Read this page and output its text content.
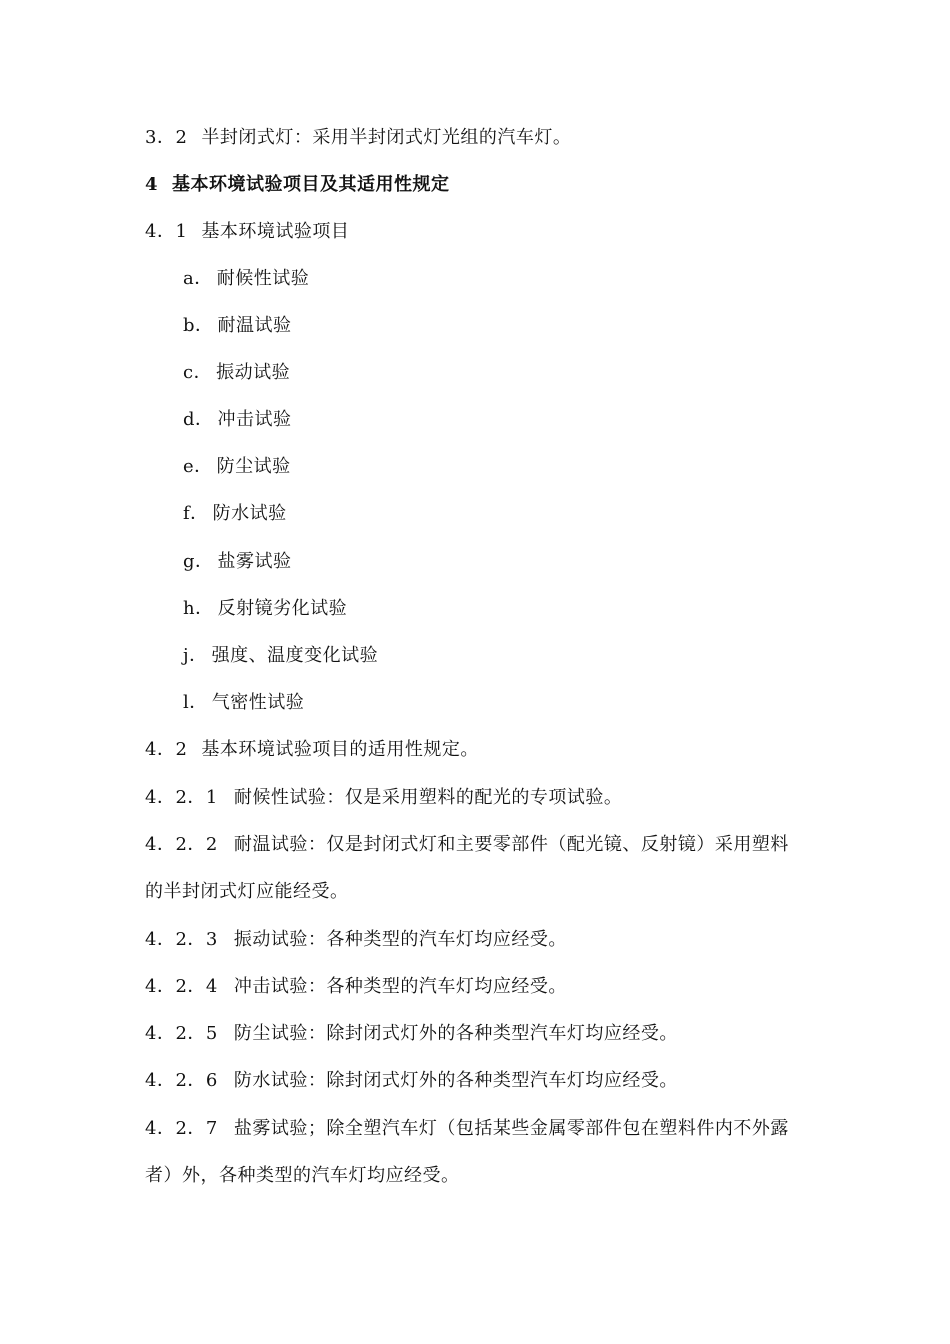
3．2 半封闭式灯：采用半封闭式灯光组的汽车灯。
4 基本环境试验项目及其适用性规定
4．1 基本环境试验项目
a． 耐候性试验
b． 耐温试验
c． 振动试验
d． 冲击试验
e． 防尘试验
f． 防水试验
g． 盐雾试验
h． 反射镜劣化试验
j． 强度、温度变化试验
l． 气密性试验
4．2 基本环境试验项目的适用性规定。
4．2．1 耐候性试验：仅是采用塑料的配光的专项试验。
4．2．2 耐温试验：仅是封闭式灯和主要零部件（配光镜、反射镜）采用塑料
的半封闭式灯应能经受。
4．2．3 振动试验：各种类型的汽车灯均应经受。
4．2．4 冲击试验：各种类型的汽车灯均应经受。
4．2．5 防尘试验：除封闭式灯外的各种类型汽车灯均应经受。
4．2．6 防水试验：除封闭式灯外的各种类型汽车灯均应经受。
4．2．7 盐雾试验；除全塑汽车灯（包括某些金属零部件包在塑料件内不外露
者）外，各种类型的汽车灯均应经受。
